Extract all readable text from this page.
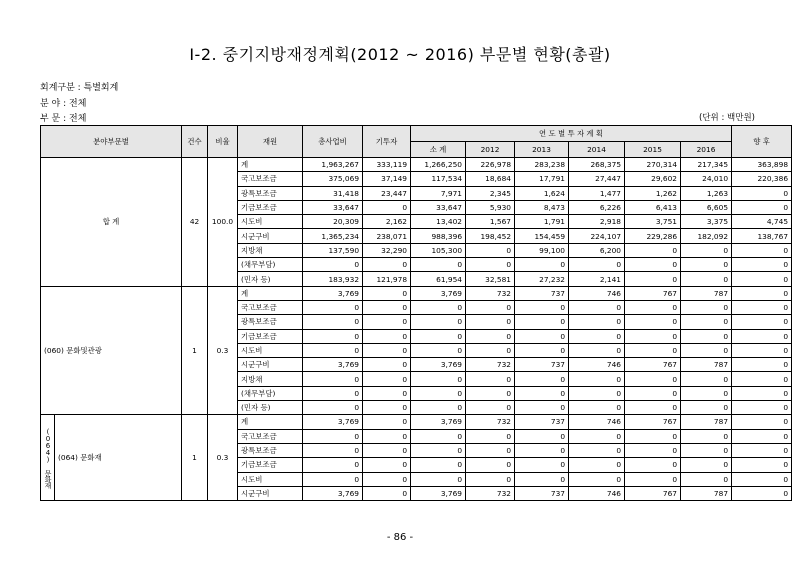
Ⅰ-2. 중기지방재정계획(2012 ~ 2016) 부문별 현황(총괄)
회계구분 : 특별회계
분 야 : 전체
부 문 : 전체	(단위 : 백만원)
분야부문별		건수	비율	재원	총사업비	기투자	연 도 별 투 자 계 획						향 후
							소 계	2012	2013	2014	2015	2016	
합 계		42	100.0	계	1,963,267	333,119	1,266,250	226,978	283,238	268,375	270,314	217,345	363,898
				국고보조금	375,069	37,149	117,534	18,684	17,791	27,447	29,602	24,010	220,386
				광특보조금	31,418	23,447	7,971	2,345	1,624	1,477	1,262	1,263	0
				기금보조금	33,647	0	33,647	5,930	8,473	6,226	6,413	6,605	0
				시도비	20,309	2,162	13,402	1,567	1,791	2,918	3,751	3,375	4,745
				시군구비	1,365,234	238,071	988,396	198,452	154,459	224,107	229,286	182,092	138,767
				지방채	137,590	32,290	105,300	0	99,100	6,200	0	0	0
				(채무부담)	0	0	0	0	0	0	0	0	0
				(민자 등)	183,932	121,978	61,954	32,581	27,232	2,141	0	0	0
(060) 문화및관광		1	0.3	계	3,769	0	3,769	732	737	746	767	787	0
				국고보조금	0	0	0	0	0	0	0	0	0
				광특보조금	0	0	0	0	0	0	0	0	0
				기금보조금	0	0	0	0	0	0	0	0	0
				시도비	0	0	0	0	0	0	0	0	0
				시군구비	3,769	0	3,769	732	737	746	767	787	0
				지방채	0	0	0	0	0	0	0	0	0
				(채무부담)	0	0	0	0	0	0	0	0	0
				(민자 등)	0	0	0	0	0	0	0	0	0
(064) 문화재	(064) 문화재	1	0.3	계	3,769	0	3,769	732	737	746	767	787	0
				국고보조금	0	0	0	0	0	0	0	0	0
				광특보조금	0	0	0	0	0	0	0	0	0
				기금보조금	0	0	0	0	0	0	0	0	0
				시도비	0	0	0	0	0	0	0	0	0
				시군구비	3,769	0	3,769	732	737	746	767	787	0
- 86 -
